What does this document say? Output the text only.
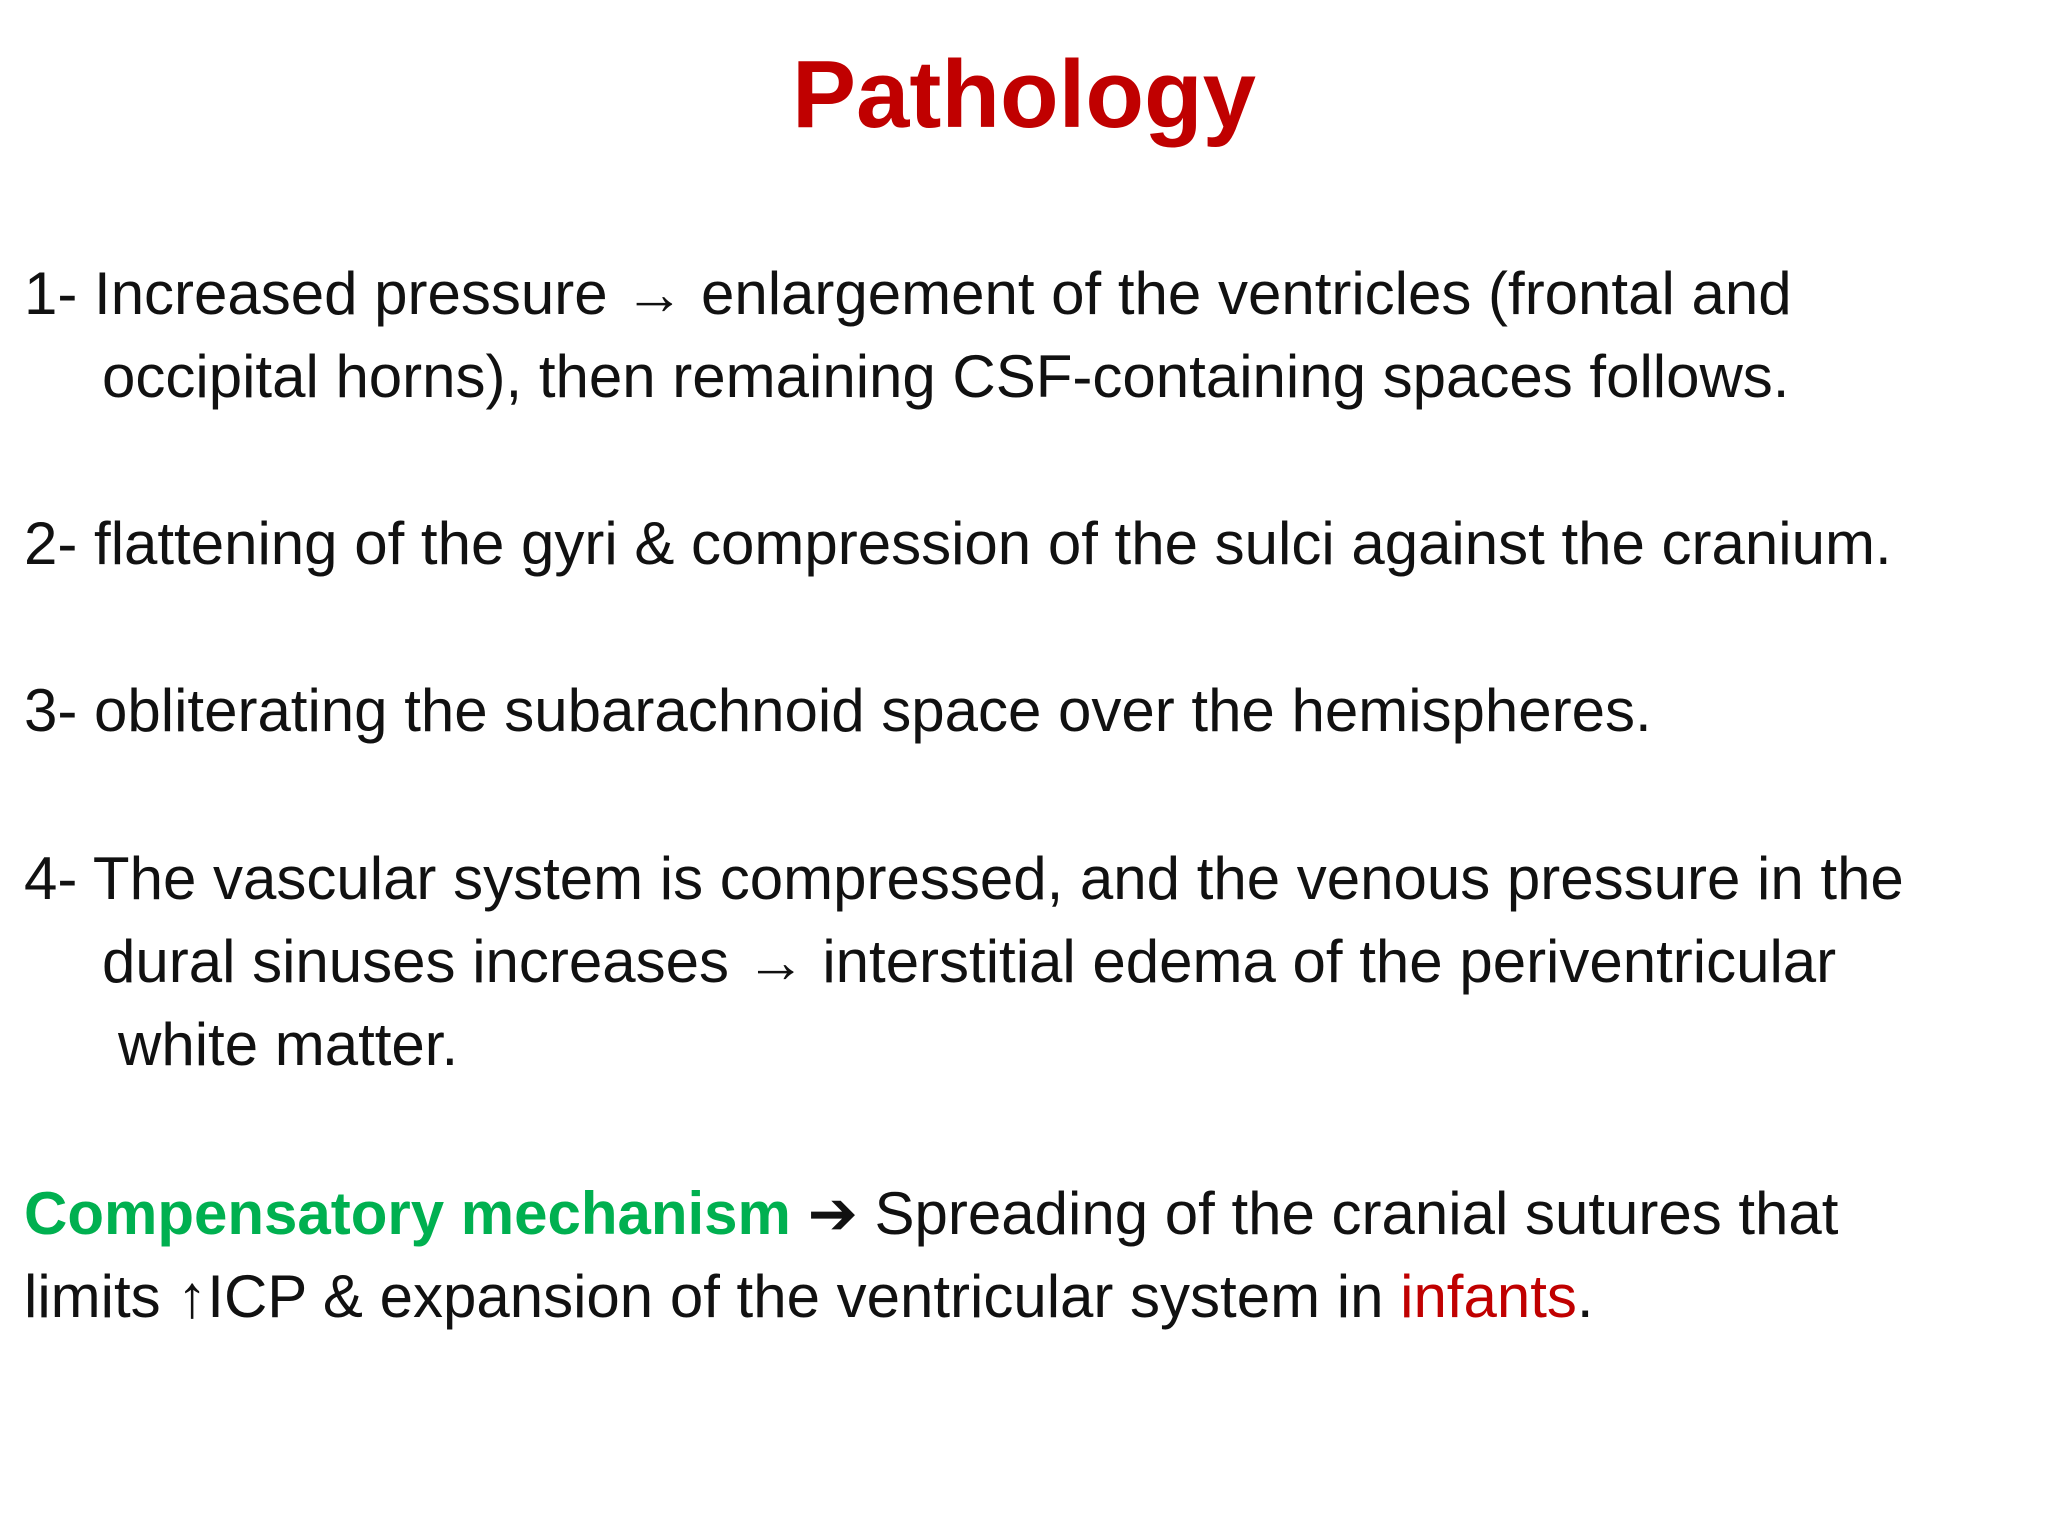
Pathology
1- Increased pressure → enlargement of the ventricles (frontal and
occipital horns), then remaining CSF-containing spaces follows.
2- flattening of the gyri & compression of the sulci against the cranium.
3- obliterating the subarachnoid space over the hemispheres.
4- The vascular system is compressed, and the venous pressure in the
dural sinuses increases → interstitial edema of the periventricular
white matter.
Compensatory mechanism ➔ Spreading of the cranial sutures that
limits ↑ICP & expansion of the ventricular system in infants.
